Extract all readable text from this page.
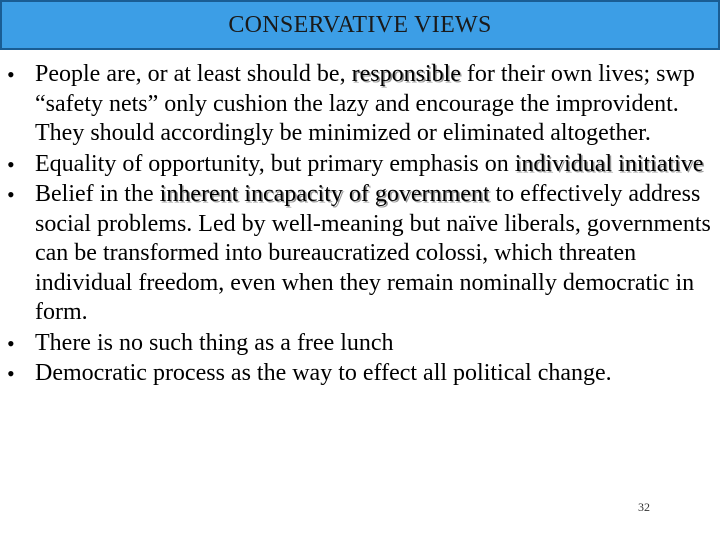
CONSERVATIVE VIEWS
• People are, or at least should be, responsible for their own lives; swp “safety nets” only cushion the lazy and encourage the improvident. They should accordingly be minimized or eliminated altogether.
• Equality of opportunity, but primary emphasis on individual initiative
• Belief in the inherent incapacity of government to effectively address social problems. Led by well-meaning but naïve liberals, governments can be transformed into bureaucratized colossi, which threaten individual freedom, even when they remain nominally democratic in form.
• There is no such thing as a free lunch
• Democratic process as the way to effect all political change.
32
